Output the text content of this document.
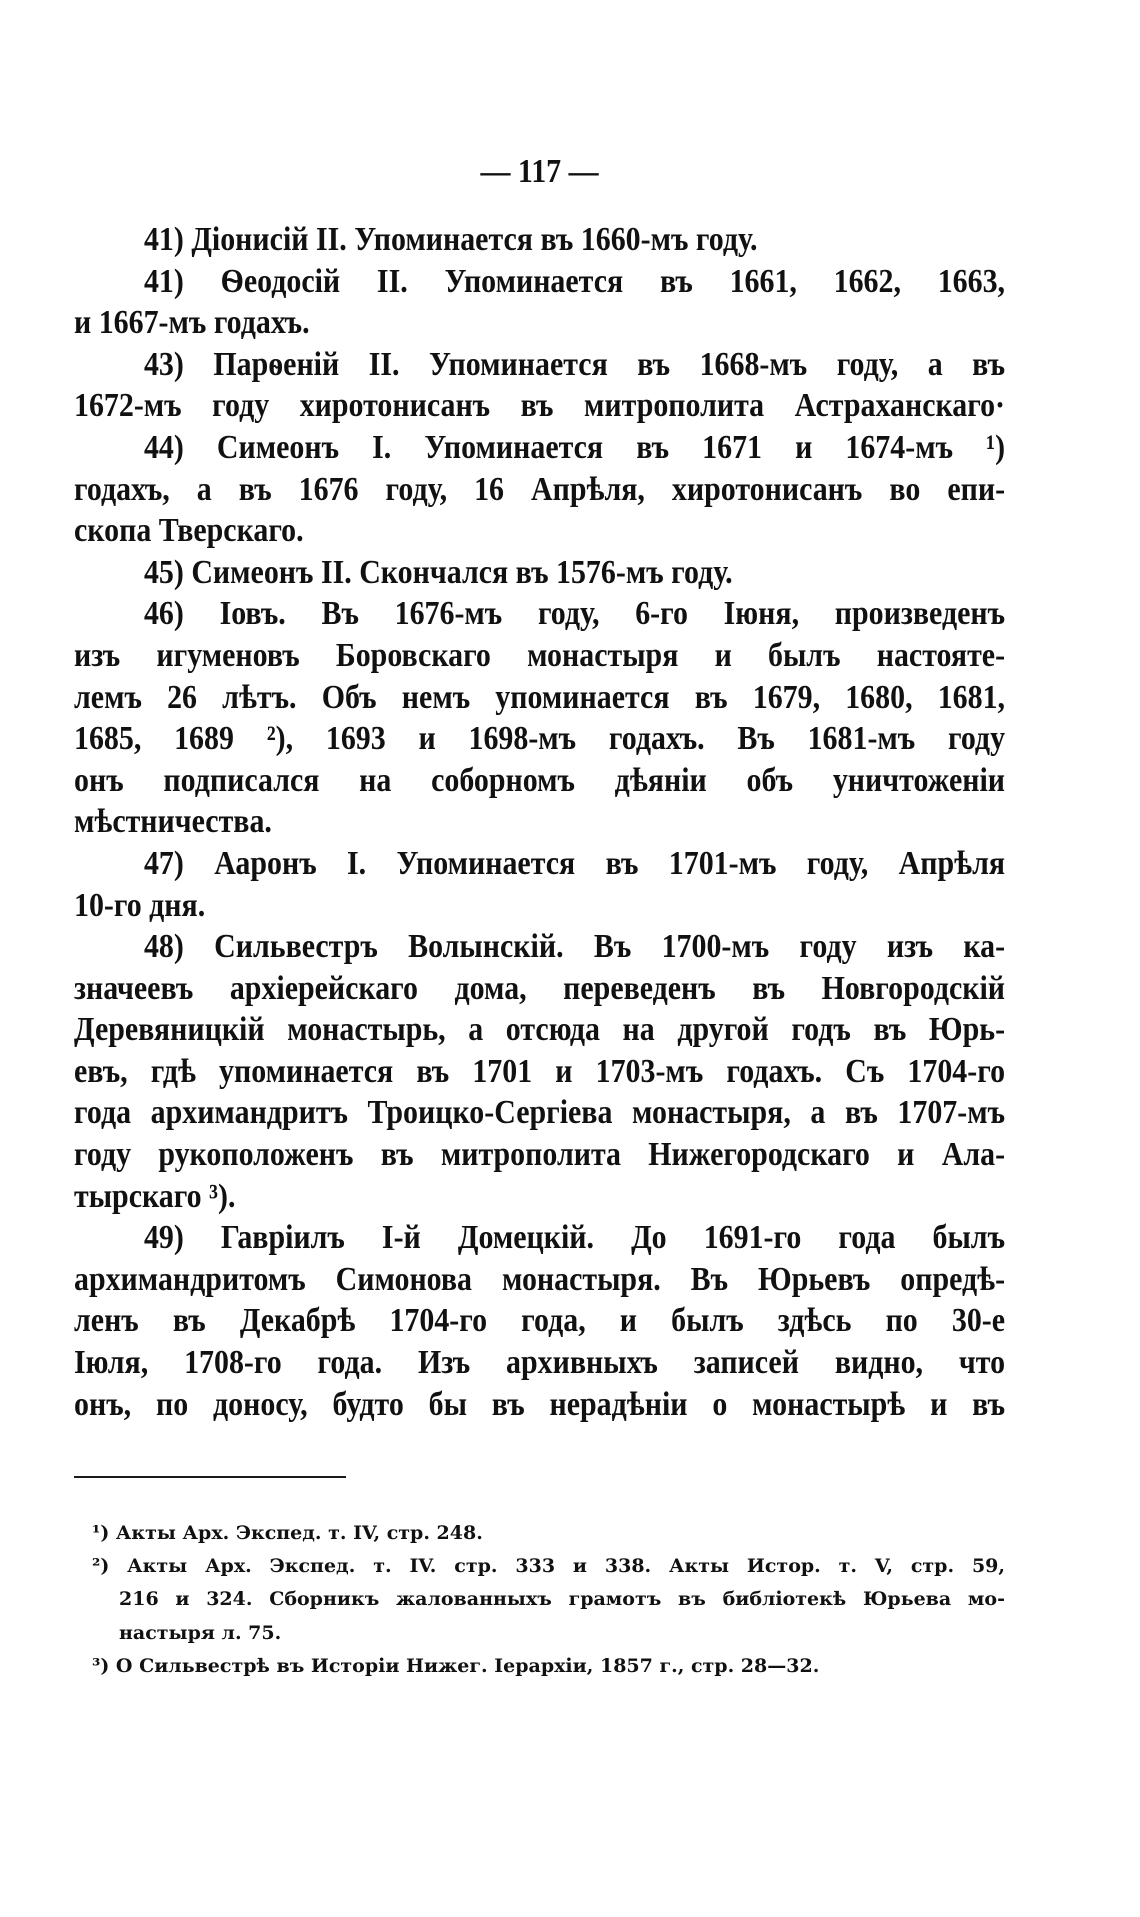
— 117 —
41) Діонисій II. Упоминается въ 1660-мъ году.
41) Ѳеодосій II. Упоминается въ 1661, 1662, 1663,
и 1667-мъ годахъ.
43) Парѳеній II. Упоминается въ 1668-мъ году, а въ
1672-мъ году хиротонисанъ въ митрополита Астраханскаго·
44) Симеонъ I. Упоминается въ 1671 и 1674-мъ ¹)
годахъ, а въ 1676 году, 16 Апрѣля, хиротонисанъ во епи-
скопа Тверскаго.
45) Симеонъ II. Скончался въ 1576-мъ году.
46) Іовъ. Въ 1676-мъ году, 6-го Іюня, произведенъ
изъ игуменовъ Боровскаго монастыря и былъ настояте-
лемъ 26 лѣтъ. Объ немъ упоминается въ 1679, 1680, 1681,
1685, 1689 ²), 1693 и 1698-мъ годахъ. Въ 1681-мъ году
онъ подписался на соборномъ дѣяніи объ уничтоженіи
мѣстничества.
47) Ааронъ I. Упоминается въ 1701-мъ году, Апрѣля
10-го дня.
48) Сильвестръ Волынскій. Въ 1700-мъ году изъ ка-
значеевъ архіерейскаго дома, переведенъ въ Новгородскій
Деревяницкій монастырь, а отсюда на другой годъ въ Юрь-
евъ, гдѣ упоминается въ 1701 и 1703-мъ годахъ. Съ 1704-го
года архимандритъ Троицко-Сергіева монастыря, а въ 1707-мъ
году рукоположенъ въ митрополита Нижегородскаго и Ала-
тырскаго ³).
49) Гавріилъ I-й Домецкій. До 1691-го года былъ
архимандритомъ Симонова монастыря. Въ Юрьевъ опредѣ-
ленъ въ Декабрѣ 1704-го года, и былъ здѣсь по 30-е
Іюля, 1708-го года. Изъ архивныхъ записей видно, что
онъ, по доносу, будто бы въ нерадѣніи о монастырѣ и въ
¹) Акты Арх. Экспед. т. IV, стр. 248.
²) Акты Арх. Экспед. т. IV. стр. 333 и 338. Акты Истор. т. V, стр. 59,
216 и 324. Сборникъ жалованныхъ грамотъ въ библіотекѣ Юрьева мо-
настыря л. 75.
³) О Сильвестрѣ въ Исторіи Нижег. Іерархіи, 1857 г., стр. 28—32.
